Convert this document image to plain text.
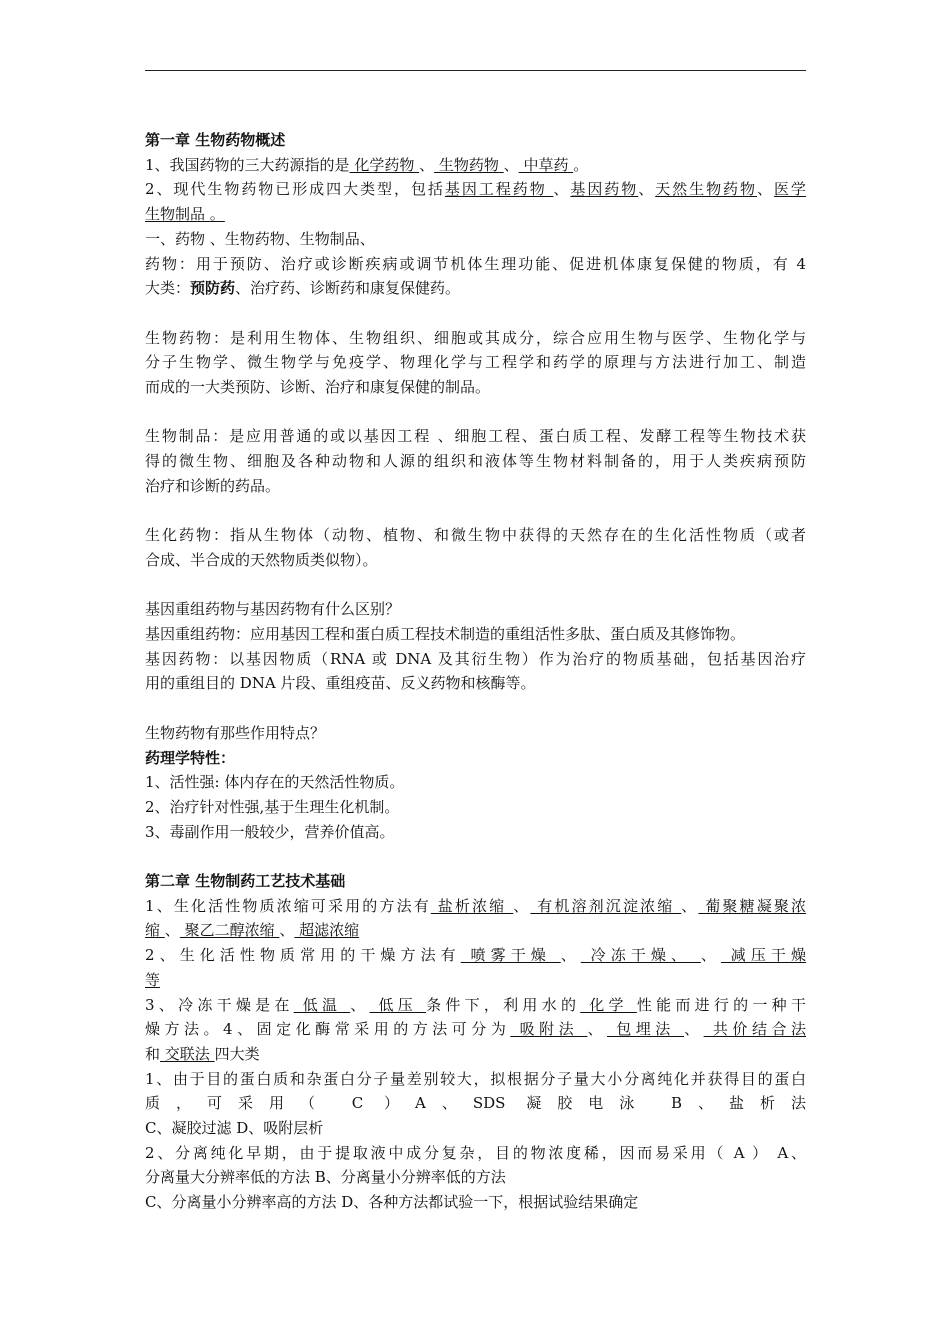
第一章 生物药物概述
1、我国药物的三大药源指的是 化学药物 、 生物药物 、 中草药 。
2、现代生物药物已形成四大类型，包括基因工程药物 、基因药物、天然生物药物、医学
生物制品 。
一、药物 、生物药物、生物制品、
药物：用于预防、治疗或诊断疾病或调节机体生理功能、促进机体康复保健的物质，有 4
大类：预防药、治疗药、诊断药和康复保健药。
生物药物：是利用生物体、生物组织、细胞或其成分，综合应用生物与医学、生物化学与
分子生物学、微生物学与免疫学、物理化学与工程学和药学的原理与方法进行加工、制造
而成的一大类预防、诊断、治疗和康复保健的制品。
生物制品：是应用普通的或以基因工程 、细胞工程、蛋白质工程、发酵工程等生物技术获
得的微生物、细胞及各种动物和人源的组织和液体等生物材料制备的，用于人类疾病预防
治疗和诊断的药品。
生化药物：指从生物体（动物、植物、和微生物中获得的天然存在的生化活性物质（或者
合成、半合成的天然物质类似物）。
基因重组药物与基因药物有什么区别？
基因重组药物：应用基因工程和蛋白质工程技术制造的重组活性多肽、蛋白质及其修饰物。
基因药物：以基因物质（RNA 或 DNA 及其衍生物）作为治疗的物质基础，包括基因治疗
用的重组目的 DNA 片段、重组疫苗、反义药物和核酶等。
生物药物有那些作用特点？
药理学特性：
1、活性强: 体内存在的天然活性物质。
2、治疗针对性强,基于生理生化机制。
3、毒副作用一般较少，营养价值高。
第二章 生物制药工艺技术基础
1、生化活性物质浓缩可采用的方法有 盐析浓缩 、 有机溶剂沉淀浓缩 、 葡聚糖凝聚浓
缩 、 聚乙二醇浓缩 、 超滤浓缩
2、生化活性物质常用的干燥方法有 喷雾干燥 、 冷冻干燥、 、 减压干燥
等
3、冷冻干燥是在 低温 、 低压 条件下，利用水的 化学 性能而进行的一种干
燥方法。4、固定化酶常采用的方法可分为 吸附法 、 包埋法 、 共价结合法
和 交联法 四大类
1、由于目的蛋白质和杂蛋白分子量差别较大，拟根据分子量大小分离纯化并获得目的蛋白
质，可采用（ C ）A、SDS 凝胶电泳 B、盐析法
C、凝胶过滤 D、吸附层析
2、分离纯化早期，由于提取液中成分复杂，目的物浓度稀，因而易采用（ A ） A、
分离量大分辨率低的方法 B、分离量小分辨率低的方法
C、分离量小分辨率高的方法 D、各种方法都试验一下，根据试验结果确定
